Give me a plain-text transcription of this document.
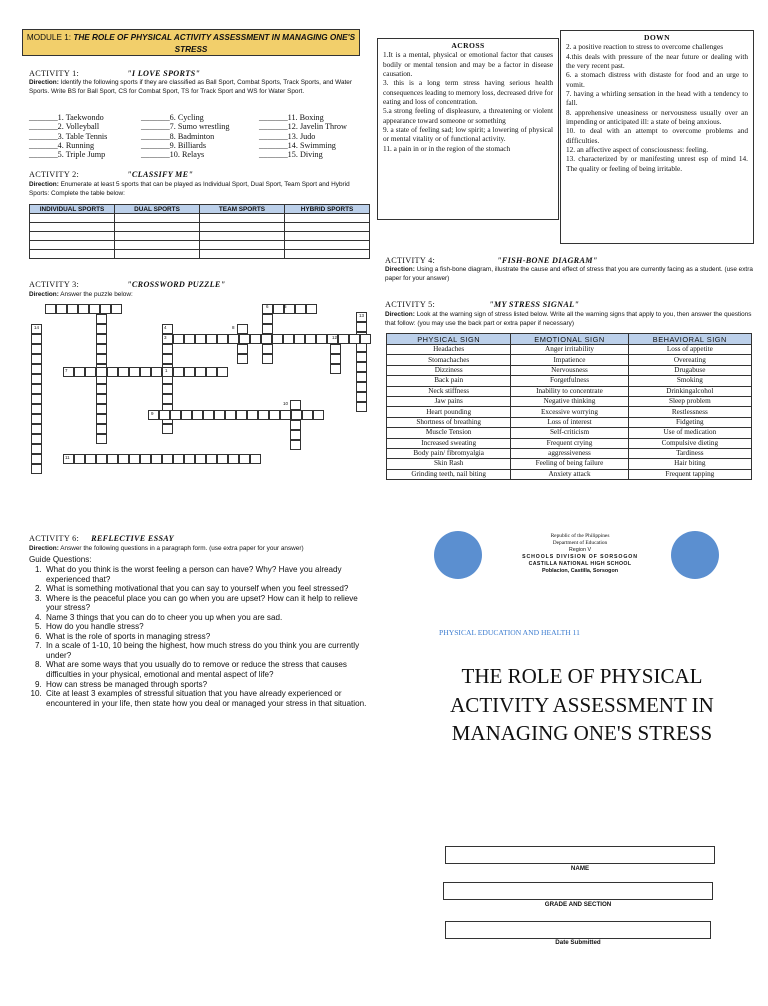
MODULE 1: THE ROLE OF PHYSICAL ACTIVITY ASSESSMENT IN MANAGING ONE'S STRESS
ACTIVITY 1:	"I LOVE SPORTS"
Direction: Identify the following sports if they are classified as Ball Sport, Combat Sports, Track Sports, and Water Sports. Write BS for Ball Sport, CS for Combat Sport, TS for Track Sport and WS for Water Sport.
_______1. Taekwondo	_______6. Cycling	_______11. Boxing
_______2. Volleyball	_______7. Sumo wrestling	_______12. Javelin Throw
_______3. Table Tennis	_______8. Badminton	_______13. Judo
_______4. Running	_______9. Billiards	_______14. Swimming
_______5. Triple Jump	_______10. Relays	_______15. Diving
ACTIVITY 2:	"CLASSIFY ME"
Direction: Enumerate at least 5 sports that can be played as Individual Sport, Dual Sport, Team Sport and Hybrid Sports: Complete the table below:
INDIVIDUAL SPORTS	DUAL SPORTS	TEAM SPORTS	HYBRID SPORTS

ACTIVITY 3:	"CROSSWORD PUZZLE"
Direction: Answer the puzzle below:
6	5
13
14	4	8
3	12
7	1
10
9
11
ACROSS

1.It is a mental, physical or emotional factor that causes bodily or mental tension and may be a factor in disease causation.

3. this is a long term stress having serious health consequences leading to memory loss, decreased drive for eating and loss of concentration.

5.a strong feeling of displeasure, a threatening or violent appearance toward someone or something

9. a state of feeling sad; low spirit; a lowering of physical or mental vitality or of functional activity.

11. a pain in or in the region of the stomach

DOWN

2. a positive reaction to stress to overcome challenges

4.this deals with pressure of the near future or dealing with the very recent past.

6. a stomach distress with distaste for food and an urge to vomit.

7. having a whirling sensation in the head with a tendency to fall.

8. apprehensive uneasiness or nervousness usually over an impending or anticipated ill: a state of being anxious.

10. to deal with an attempt to overcome problems and difficulties.

12. an affective aspect of consciousness: feeling.

13. characterized by or manifesting unrest esp of mind 14. The quality or feeling of being irritable.

ACTIVITY 4:	"FISH-BONE DIAGRAM"
Direction: Using a fish-bone diagram, illustrate the cause and effect of stress that you are currently facing as a student. (use extra paper for your answer)
ACTIVITY 5:	"MY STRESS SIGNAL"
Direction: Look at the warning sign of stress listed below. Write all the warning signs that apply to you, then answer the questions that follow: (you may use the back part or extra paper if necessary)
PHYSICAL SIGN	EMOTIONAL SIGN	BEHAVIORAL SIGN
Headaches	Anger irritability	Loss of appetite
Stomachaches	Impatience	Overeating
Dizziness	Nervousness	Drugabuse
Back pain	Forgetfulness	Smoking
Neck stiffness	Inability to concentrate	Drinkingalcohol
Jaw pains	Negative thinking	Sleep problem
Heart pounding	Excessive worrying	Restlessness
Shortness of breathing	Loss of interest	Fidgeting
Muscle Tension	Self-criticism	Use of medication
Increased sweating	Frequent crying	Compulsive dieting
Body pain/ fibromyalgia	aggressiveness	Tardiness
Skin Rash	Feeling of being failure	Hair biting
Grinding teeth, nail biting	Anxiety attack	Frequent tapping
ACTIVITY 6: REFLECTIVE ESSAY
Direction: Answer the following questions in a paragraph form. (use extra paper for your answer)
Guide Questions:
1. What do you think is the worst feeling a person can have? Why? Have you already experienced that?
2. What is something motivational that you can say to yourself when you feel stressed?
3. Where is the peaceful place you can go when you are upset? How can it help to relieve your stress?
4. Name 3 things that you can do to cheer you up when you are sad.
5. How do you handle stress?
6. What is the role of sports in managing stress?
7. In a scale of 1-10, 10 being the highest, how much stress do you think you are currently under?
8. What are some ways that you usually do to remove or reduce the stress that causes difficulties in your physical, emotional and mental aspect of life?
9. How can stress be managed through sports?
10. Cite at least 3 examples of stressful situation that you have already experienced or encountered in your life, then state how you deal or managed your stress in that situation.
Republic of the Philippines
Department of Education
Region V
SCHOOLS DIVISION OF SORSOGON
CASTILLA NATIONAL HIGH SCHOOL
Poblacion, Castilla, Sorsogon
PHYSICAL EDUCATION AND HEALTH 11
THE ROLE OF PHYSICAL ACTIVITY ASSESSMENT IN MANAGING ONE'S STRESS
NAME
GRADE AND SECTION
Date Submitted
